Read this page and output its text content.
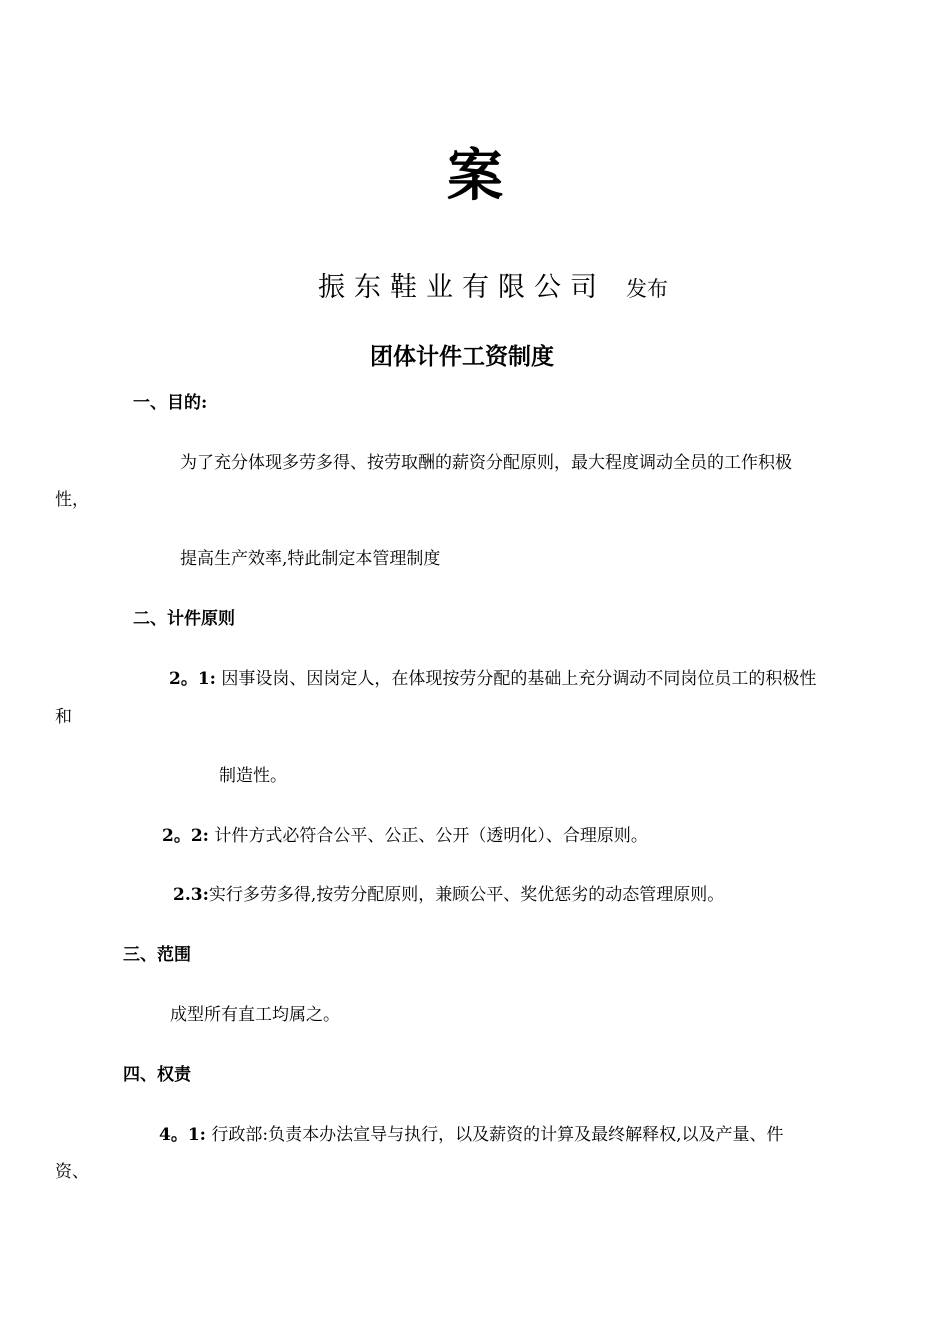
案
振东鞋业有限公司 发布
团体计件工资制度
一、目的:
为了充分体现多劳多得、按劳取酬的薪资分配原则，最大程度调动全员的工作积极
性，
提高生产效率,特此制定本管理制度
二、计件原则
2。1: 因事设岗、因岗定人，在体现按劳分配的基础上充分调动不同岗位员工的积极性
和
制造性。
2。2: 计件方式必符合公平、公正、公开（透明化）、合理原则。
2.3:实行多劳多得,按劳分配原则，兼顾公平、奖优惩劣的动态管理原则。
三、范围
成型所有直工均属之。
四、权责
4。1: 行政部:负责本办法宣导与执行，以及薪资的计算及最终解释权,以及产量、件
资、
